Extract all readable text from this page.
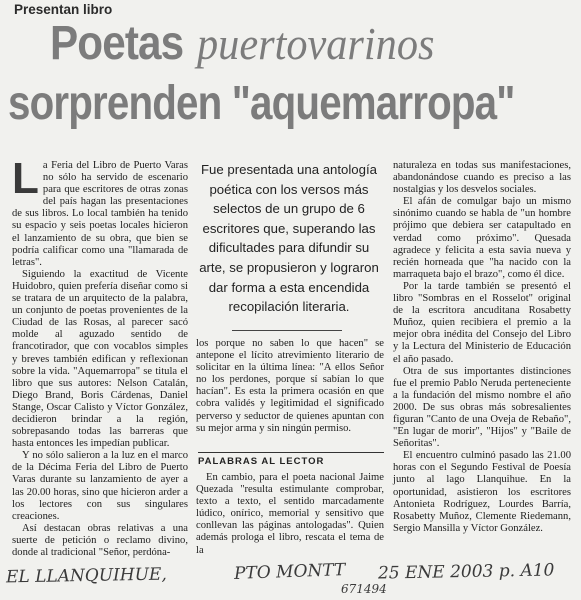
Presentan libro
Poetas puertovarinos
sorprenden "aquemarropa"
L a Feria del Libro de Puerto Varas no sólo ha servido de escenario para que escritores de otras zonas del país hagan las presentaciones de sus libros. Lo local también ha tenido su espacio y seis poetas locales hicieron el lanzamiento de su obra, que bien se podría calificar como una "llamarada de letras".

Siguiendo la exactitud de Vicente Huidobro, quien prefería diseñar como si se tratara de un arquitecto de la palabra, un conjunto de poetas provenientes de la Ciudad de las Rosas, al parecer sacó molde al aguzado sentido de francotirador, que con vocablos simples y breves también edifican y reflexionan sobre la vida. "Aquemarropa" se titula el libro que sus autores: Nelson Catalán, Diego Brand, Boris Cárdenas, Daniel Stange, Oscar Calisto y Víctor González, decidieron brindar a la región, sobrepasando todas las barreras que hasta entonces les impedían publicar.

Y no sólo salieron a la luz en el marco de la Décima Feria del Libro de Puerto Varas durante su lanzamiento de ayer a las 20.00 horas, sino que hicieron arder a los lectores con sus singulares creaciones.

Así destacan obras relativas a una suerte de petición o reclamo divino, donde al tradicional "Señor, perdóna-

Fue presentada una antología poética con los versos más selectos de un grupo de 6 escritores que, superando las dificultades para difundir su arte, se propusieron y lograron dar forma a esta encendida recopilación literaria.

los porque no saben lo que hacen" se antepone el lícito atrevimiento literario de solicitar en la última línea: "A ellos Señor no los perdones, porque sí sabían lo que hacían". Es esta la primera ocasión en que cobra validés y legitimidad el significado perverso y seductor de quienes apuntan con su mejor arma y sin ningún permiso.

PALABRAS AL LECTOR

En cambio, para el poeta nacional Jaime Quezada "resulta estimulante comprobar, texto a texto, el sentido marcadamente lúdico, onírico, memorial y sensitivo que conllevan las páginas antologadas". Quien además prologa el libro, rescata el tema de la

naturaleza en todas sus manifestaciones, abandonándose cuando es preciso a las nostalgias y los desvelos sociales.

El afán de comulgar bajo un mismo sinónimo cuando se habla de "un hombre prójimo que debiera ser catapultado en verdad como próximo". Quesada agradece y felicita a esta savia nueva y recién horneada que "ha nacido con la marraqueta bajo el brazo", como él dice.

Por la tarde también se presentó el libro "Sombras en el Rosselot" original de la escritora ancuditana Rosabetty Muñoz, quien recibiera el premio a la mejor obra inédita del Consejo del Libro y la Lectura del Ministerio de Educación el año pasado.

Otra de sus importantes distinciones fue el premio Pablo Neruda perteneciente a la fundación del mismo nombre el año 2000. De sus obras más sobresalientes figuran "Canto de una Oveja de Rebaño", "En lugar de morir", "Hijos" y "Baile de Señoritas".

El encuentro culminó pasado las 21.00 horas con el Segundo Festival de Poesía junto al lago Llanquihue. En la oportunidad, asistieron los escritores Antonieta Rodríguez, Lourdes Barría, Rosabetty Muñoz, Clemente Riedemann, Sergio Mansilla y Víctor González.

EL LLANQUIHUE,	PTO MONTT 25 ENE 2003 p. A10
671494
